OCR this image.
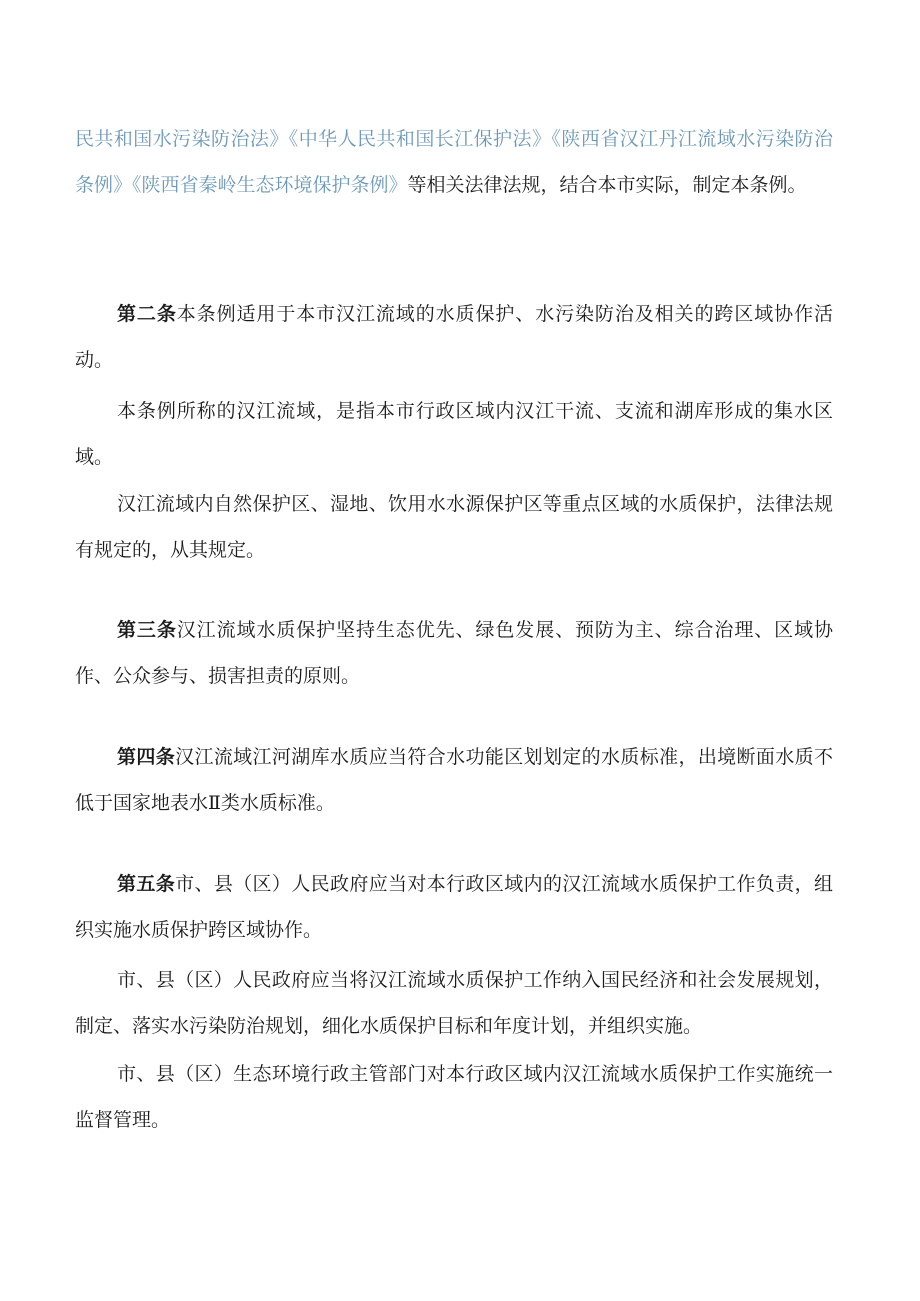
民共和国水污染防治法》《中华人民共和国长江保护法》《陕西省汉江丹江流域水污染防治条例》《陕西省秦岭生态环境保护条例》等相关法律法规，结合本市实际，制定本条例。

第二条本条例适用于本市汉江流域的水质保护、水污染防治及相关的跨区域协作活动。

本条例所称的汉江流域，是指本市行政区域内汉江干流、支流和湖库形成的集水区域。

汉江流域内自然保护区、湿地、饮用水水源保护区等重点区域的水质保护，法律法规有规定的，从其规定。

第三条汉江流域水质保护坚持生态优先、绿色发展、预防为主、综合治理、区域协作、公众参与、损害担责的原则。

第四条汉江流域江河湖库水质应当符合水功能区划划定的水质标准，出境断面水质不低于国家地表水Ⅱ类水质标准。

第五条市、县（区）人民政府应当对本行政区域内的汉江流域水质保护工作负责，组织实施水质保护跨区域协作。

市、县（区）人民政府应当将汉江流域水质保护工作纳入国民经济和社会发展规划，制定、落实水污染防治规划，细化水质保护目标和年度计划，并组织实施。

市、县（区）生态环境行政主管部门对本行政区域内汉江流域水质保护工作实施统一监督管理。
